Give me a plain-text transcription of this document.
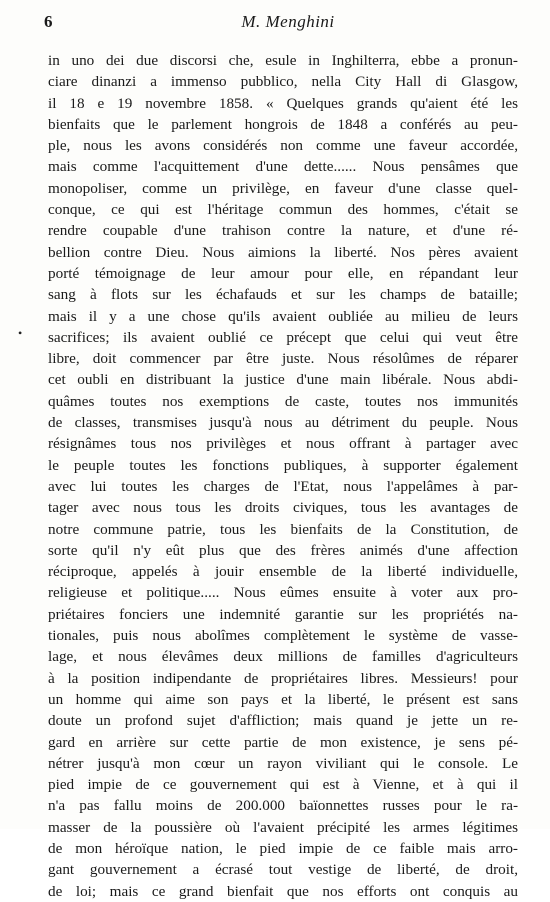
6	M. Menghini
•
in uno dei due discorsi che, esule in Inghilterra, ebbe a pronun-
ciare dinanzi a immenso pubblico, nella City Hall di Glasgow,
il 18 e 19 novembre 1858. « Quelques grands qu'aient été les
bienfaits que le parlement hongrois de 1848 a conférés au peu-
ple, nous les avons considérés non comme une faveur accordée,
mais comme l'acquittement d'une dette...... Nous pensâmes que
monopoliser, comme un privilège, en faveur d'une classe quel-
conque, ce qui est l'héritage commun des hommes, c'était se
rendre coupable d'une trahison contre la nature, et d'une ré-
bellion contre Dieu. Nous aimions la liberté. Nos pères avaient
porté témoignage de leur amour pour elle, en répandant leur
sang à flots sur les échafauds et sur les champs de bataille;
mais il y a une chose qu'ils avaient oubliée au milieu de leurs
sacrifices; ils avaient oublié ce précept que celui qui veut être
libre, doit commencer par être juste. Nous résolûmes de réparer
cet oubli en distribuant la justice d'une main libérale. Nous abdi-
quâmes toutes nos exemptions de caste, toutes nos immunités
de classes, transmises jusqu'à nous au détriment du peuple. Nous
résignâmes tous nos privilèges et nous offrant à partager avec
le peuple toutes les fonctions publiques, à supporter également
avec lui toutes les charges de l'Etat, nous l'appelâmes à par-
tager avec nous tous les droits civiques, tous les avantages de
notre commune patrie, tous les bienfaits de la Constitution, de
sorte qu'il n'y eût plus que des frères animés d'une affection
réciproque, appelés à jouir ensemble de la liberté individuelle,
religieuse et politique..... Nous eûmes ensuite à voter aux pro-
priétaires fonciers une indemnité garantie sur les propriétés na-
tionales, puis nous abolîmes complètement le système de vasse-
lage, et nous élevâmes deux millions de familles d'agriculteurs
à la position indipendante de propriétaires libres. Messieurs! pour
un homme qui aime son pays et la liberté, le présent est sans
doute un profond sujet d'affliction; mais quand je jette un re-
gard en arrière sur cette partie de mon existence, je sens pé-
nétrer jusqu'à mon cœur un rayon viviliant qui le console. Le
pied impie de ce gouvernement qui est à Vienne, et à qui il
n'a pas fallu moins de 200.000 baïonnettes russes pour le ra-
masser de la poussière où l'avaient précipité les armes légitimes
de mon héroïque nation, le pied impie de ce faible mais arro-
gant gouvernement a écrasé tout vestige de liberté, de droit,
de loi; mais ce grand bienfait que nos efforts ont conquis au
